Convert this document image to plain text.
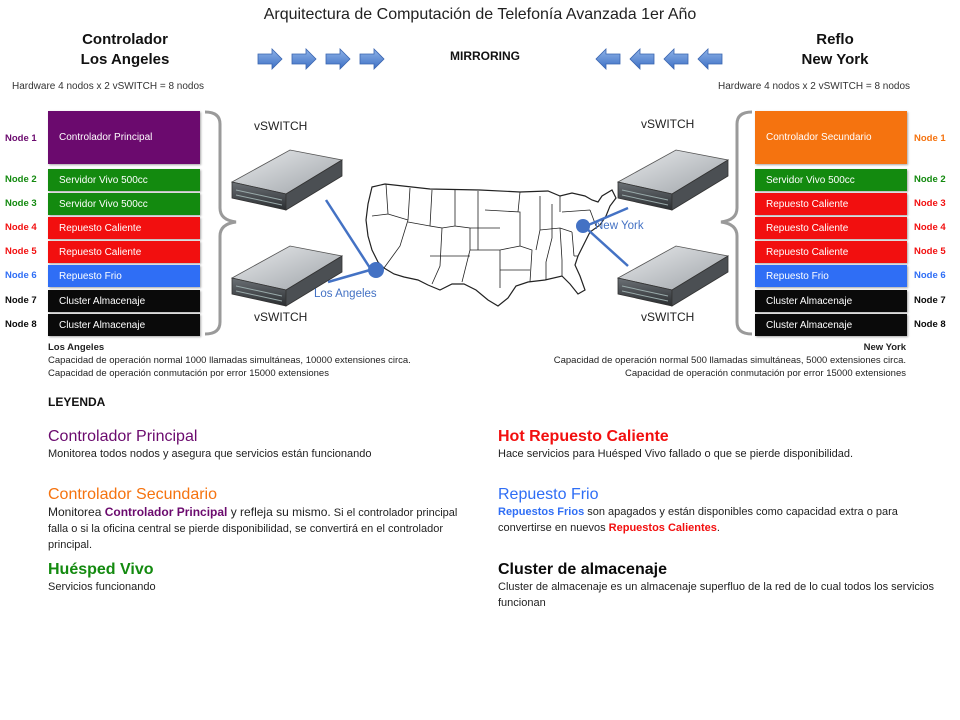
Arquitectura de Computación de Telefonía Avanzada 1er Año
Controlador
Los Angeles
Reflo
New York
MIRRORING
Hardware 4 nodos x 2 vSWITCH = 8 nodos	Hardware 4 nodos x 2 vSWITCH = 8 nodos
vSWITCH
vSWITCH
vSWITCH
vSWITCH
Los Angeles
New York
Controlador Principal
Servidor Vivo 500cc
Servidor Vivo 500cc
Repuesto Caliente
Repuesto Caliente
Repuesto Frio
Cluster Almacenaje
Cluster Almacenaje
Node 1
Node 2
Node 3
Node 4
Node 5
Node 6
Node 7
Node 8
Controlador Secundario
Servidor Vivo 500cc
Repuesto Caliente
Repuesto Caliente
Repuesto Caliente
Repuesto Frio
Cluster Almacenaje
Cluster Almacenaje
Node 1
Node 2
Node 3
Node 4
Node 5
Node 6
Node 7
Node 8
Los Angeles
Capacidad de operación normal 1000 llamadas simultáneas, 10000 extensiones circa.
Capacidad de operación conmutación por error 15000 extensiones
New York
Capacidad de operación normal 500 llamadas simultáneas, 5000 extensiones circa.
Capacidad de operación conmutación por error 15000 extensiones
LEYENDA
Controlador Principal
Monitorea todos nodos y asegura que servicios están funcionando
Controlador Secundario
Monitorea Controlador Principal y refleja su mismo. Si el controlador principal falla o si la oficina central se pierde disponibilidad, se convertirá en el controlador principal.
Huésped Vivo
Servicios funcionando
Hot Repuesto Caliente
Hace servicios para Huésped Vivo fallado o que se pierde disponibilidad.
Repuesto Frio
Repuestos Frios son apagados y están disponibles como capacidad extra o para convertirse en nuevos Repuestos Calientes.
Cluster de almacenaje
Cluster de almacenaje es un almacenaje superfluo de la red de lo cual todos los servicios funcionan
